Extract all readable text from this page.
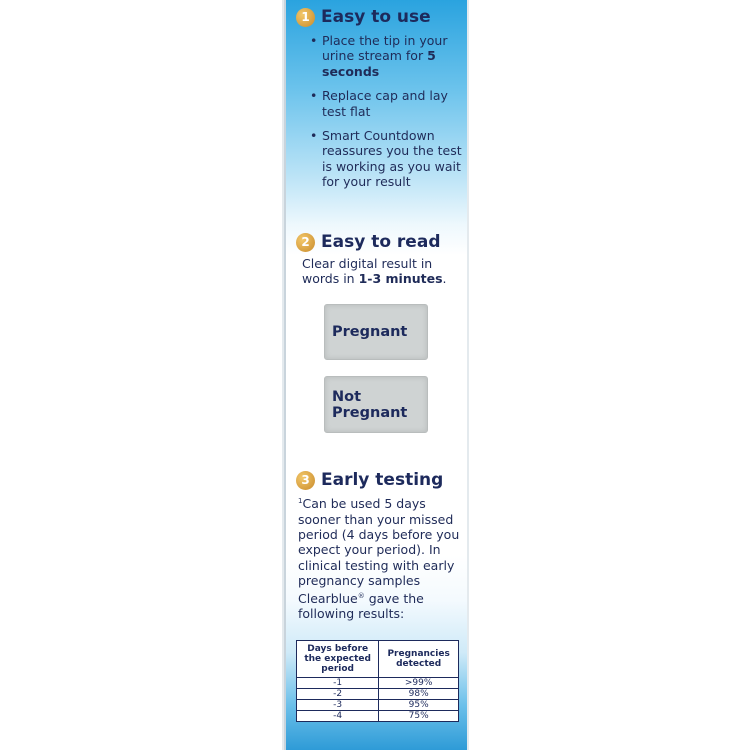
1 Easy to use
• Place the tip in your urine stream for 5 seconds
• Replace cap and lay test flat
• Smart Countdown reassures you the test is working as you wait for your result
2 Easy to read
Clear digital result in words in 1-3 minutes.
Pregnant
Not Pregnant
3 Early testing
$^1$Can be used 5 days sooner than your missed period (4 days before you expect your period). In clinical testing with early pregnancy samples Clearblue® gave the following results:
Days before the expected period	Pregnancies detected
-1	>99%
-2	98%
-3	95%
-4	75%
